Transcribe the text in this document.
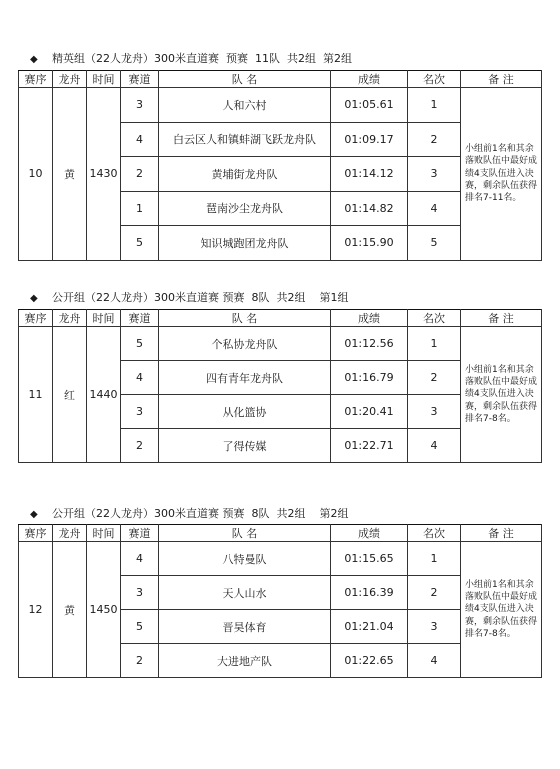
◆ 精英组（22人龙舟）300米直道赛  预赛  11队  共2组  第2组
赛序	龙舟	时间	赛道	队 名	成绩	名次	备 注
10	黄	1430	3	人和六村	01:05.61	1	小组前1名和其余落败队伍中最好成绩4支队伍进入决赛，剩余队伍获得排名7-11名。
			4	白云区人和镇蚌湖飞跃龙舟队	01:09.17	2	
			2	黄埔街龙舟队	01:14.12	3	
			1	琶南沙尘龙舟队	01:14.82	4	
			5	知识城跑团龙舟队	01:15.90	5	
◆ 公开组（22人龙舟）300米直道赛 预赛  8队  共2组    第1组
赛序	龙舟	时间	赛道	队 名	成绩	名次	备 注
11	红	1440	5	个私协龙舟队	01:12.56	1	小组前1名和其余落败队伍中最好成绩4支队伍进入决赛，剩余队伍获得排名7-8名。
			4	四有青年龙舟队	01:16.79	2	
			3	从化篮协	01:20.41	3	
			2	了得传媒	01:22.71	4	
◆ 公开组（22人龙舟）300米直道赛 预赛  8队  共2组    第2组
赛序	龙舟	时间	赛道	队 名	成绩	名次	备 注
12	黄	1450	4	八特曼队	01:15.65	1	小组前1名和其余落败队伍中最好成绩4支队伍进入决赛，剩余队伍获得排名7-8名。
			3	天人山水	01:16.39	2	
			5	晋昊体育	01:21.04	3	
			2	大进地产队	01:22.65	4	
